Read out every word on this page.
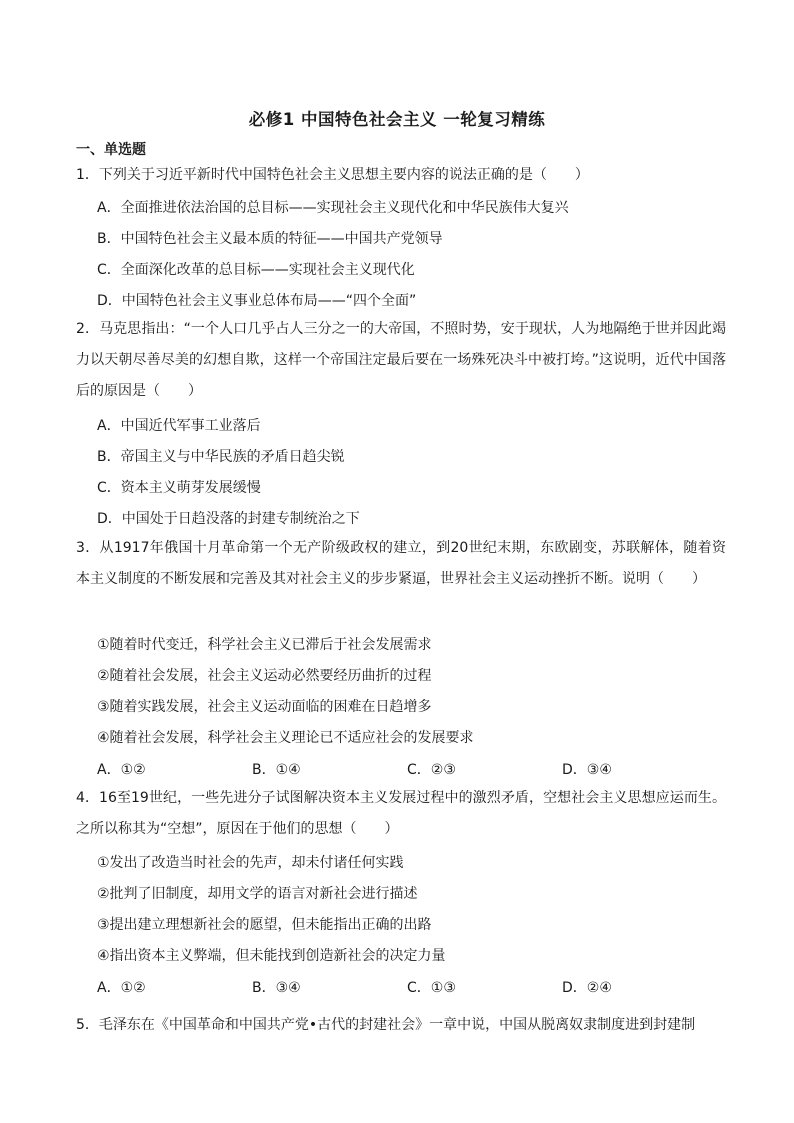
必修1 中国特色社会主义 一轮复习精练
一、单选题
1．下列关于习近平新时代中国特色社会主义思想主要内容的说法正确的是（　　）
A．全面推进依法治国的总目标——实现社会主义现代化和中华民族伟大复兴
B．中国特色社会主义最本质的特征——中国共产党领导
C．全面深化改革的总目标——实现社会主义现代化
D．中国特色社会主义事业总体布局——“四个全面”
2．马克思指出：“一个人口几乎占人三分之一的大帝国，不照时势，安于现状，人为地隔绝于世并因此竭力以天朝尽善尽美的幻想自欺，这样一个帝国注定最后要在一场殊死决斗中被打垮。”这说明，近代中国落后的原因是（　　）
A．中国近代军事工业落后
B．帝国主义与中华民族的矛盾日趋尖锐
C．资本主义萌芽发展缓慢
D．中国处于日趋没落的封建专制统治之下
3．从1917年俄国十月革命第一个无产阶级政权的建立，到20世纪末期，东欧剧变，苏联解体，随着资本主义制度的不断发展和完善及其对社会主义的步步紧逼，世界社会主义运动挫折不断。说明（　　）
①随着时代变迁，科学社会主义已滞后于社会发展需求
②随着社会发展，社会主义运动必然要经历曲折的过程
③随着实践发展，社会主义运动面临的困难在日趋增多
④随着社会发展，科学社会主义理论已不适应社会的发展要求
A．①②	B．①④	C．②③	D．③④
4．16至19世纪，一些先进分子试图解决资本主义发展过程中的激烈矛盾，空想社会主义思想应运而生。之所以称其为“空想”，原因在于他们的思想（　　）
①发出了改造当时社会的先声，却未付诸任何实践
②批判了旧制度，却用文学的语言对新社会进行描述
③提出建立理想新社会的愿望，但未能指出正确的出路
④指出资本主义弊端，但未能找到创造新社会的决定力量
A．①②	B．③④	C．①③	D．②④
5．毛泽东在《中国革命和中国共产党•古代的封建社会》一章中说，中国从脱离奴隶制度进到封建制
